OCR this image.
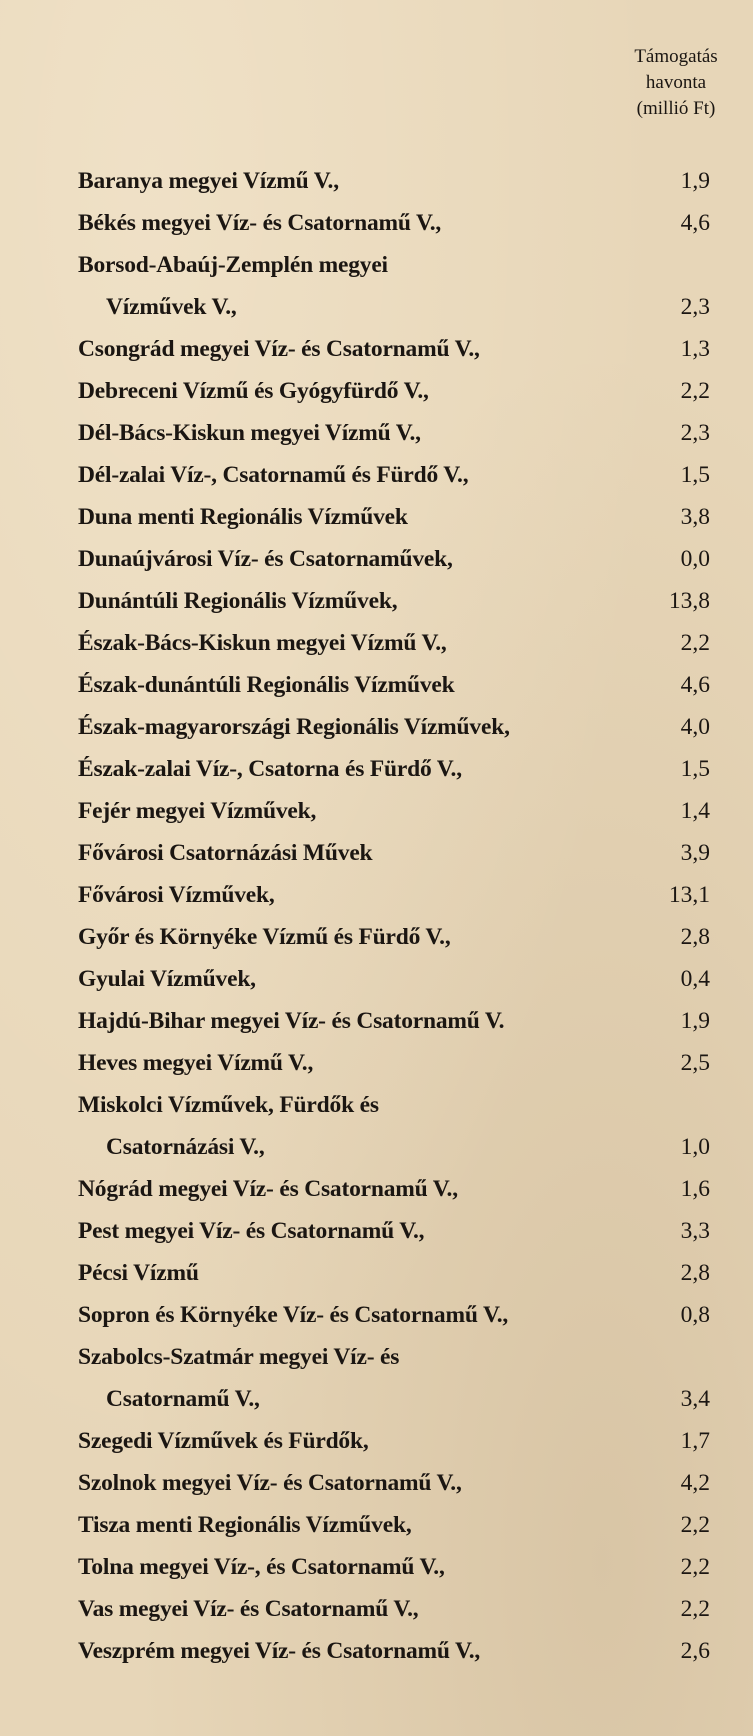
Támogatás
havonta
(millió Ft)
Baranya megyei Vízmű V.,	1,9
Békés megyei Víz- és Csatornamű V.,	4,6
Borsod-Abaúj-Zemplén megyei
Vízművek V.,	2,3
Csongrád megyei Víz- és Csatornamű V.,	1,3
Debreceni Vízmű és Gyógyfürdő V.,	2,2
Dél-Bács-Kiskun megyei Vízmű V.,	2,3
Dél-zalai Víz-, Csatornamű és Fürdő V.,	1,5
Duna menti Regionális Vízművek	3,8
Dunaújvárosi Víz- és Csatornaművek,	0,0
Dunántúli Regionális Vízművek,	13,8
Észak-Bács-Kiskun megyei Vízmű V.,	2,2
Észak-dunántúli Regionális Vízművek	4,6
Észak-magyarországi Regionális Vízművek,	4,0
Észak-zalai Víz-, Csatorna és Fürdő V.,	1,5
Fejér megyei Vízművek,	1,4
Fővárosi Csatornázási Művek	3,9
Fővárosi Vízművek,	13,1
Győr és Környéke Vízmű és Fürdő V.,	2,8
Gyulai Vízművek,	0,4
Hajdú-Bihar megyei Víz- és Csatornamű V.	1,9
Heves megyei Vízmű V.,	2,5
Miskolci Vízművek, Fürdők és
Csatornázási V.,	1,0
Nógrád megyei Víz- és Csatornamű V.,	1,6
Pest megyei Víz- és Csatornamű V.,	3,3
Pécsi Vízmű	2,8
Sopron és Környéke Víz- és Csatornamű V.,	0,8
Szabolcs-Szatmár megyei Víz- és
Csatornamű V.,	3,4
Szegedi Vízművek és Fürdők,	1,7
Szolnok megyei Víz- és Csatornamű V.,	4,2
Tisza menti Regionális Vízművek,	2,2
Tolna megyei Víz-, és Csatornamű V.,	2,2
Vas megyei Víz- és Csatornamű V.,	2,2
Veszprém megyei Víz- és Csatornamű V.,	2,6
